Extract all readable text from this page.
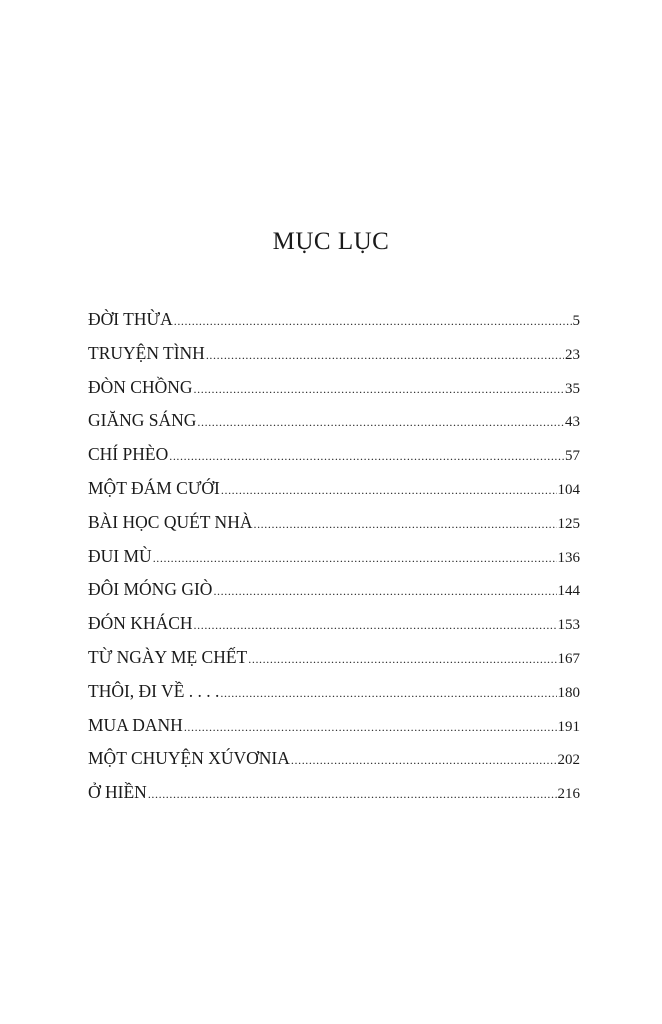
MỤC LỤC
ĐỜI THỪA .....	5
TRUYỆN TÌNH .....	23
ĐÒN CHỒNG .....	35
GIĂNG SÁNG .....	43
CHÍ PHÈO .....	57
MỘT ĐÁM CƯỚI .....	104
BÀI HỌC QUÉT NHÀ .....	125
ĐUI MÙ .....	136
ĐÔI MÓNG GIÒ .....	144
ĐÓN KHÁCH .....	153
TỪ NGÀY MẸ CHẾT .....	167
THÔI, ĐI VỀ . . . . .....	180
MUA DANH .....	191
MỘT CHUYỆN XÚVƠNIA .....	202
Ở HIỀN .....	216
